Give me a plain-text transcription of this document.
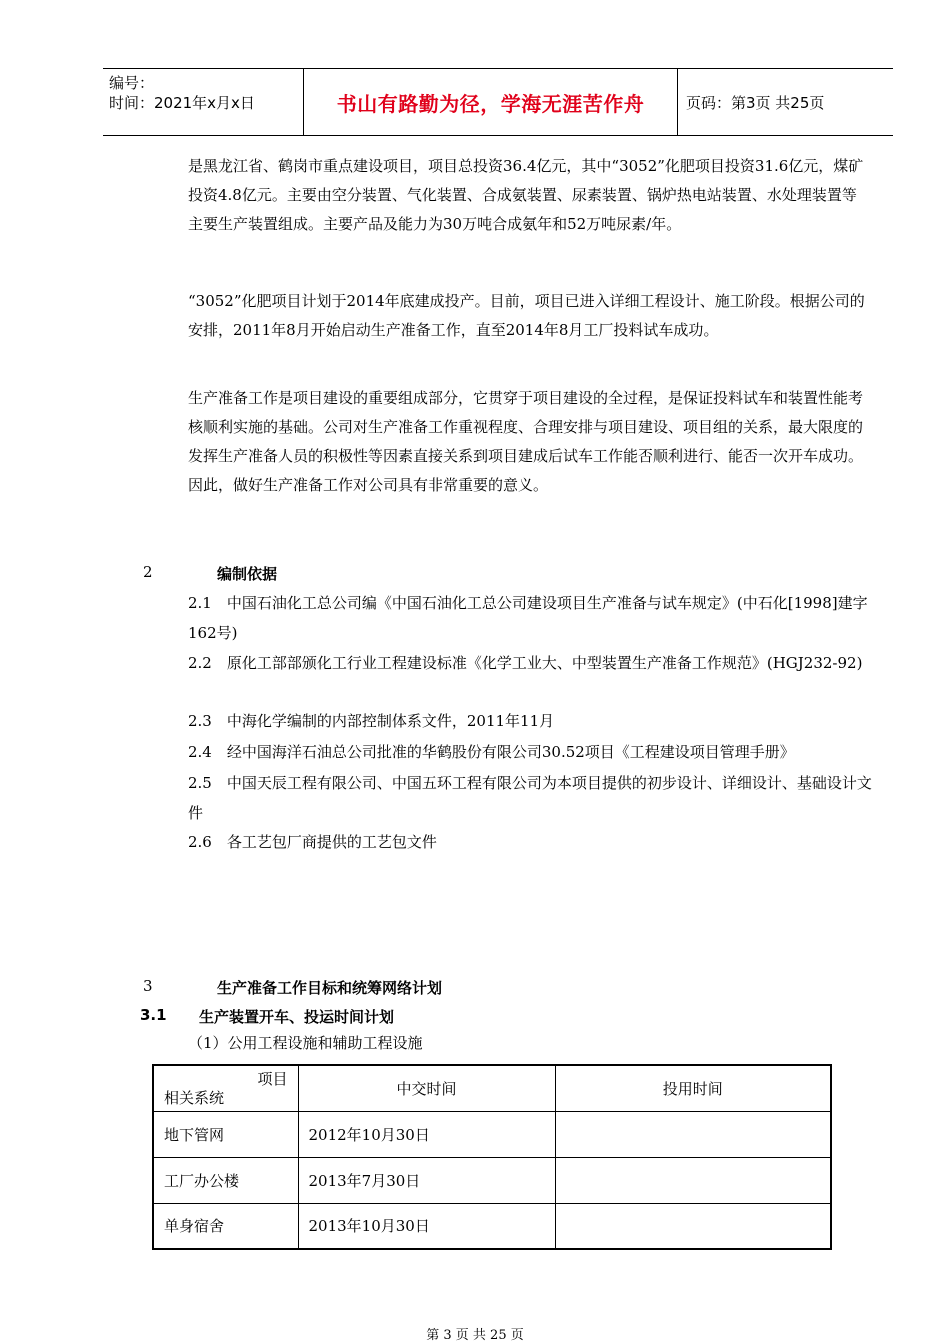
编号：
时间：2021年x月x日	书山有路勤为径，学海无涯苦作舟	页码：第3页 共25页

是黑龙江省、鹤岗市重点建设项目，项目总投资36.4亿元，其中“3052”化肥项目投资31.6亿元，煤矿投资4.8亿元。主要由空分装置、气化装置、合成氨装置、尿素装置、锅炉热电站装置、水处理装置等主要生产装置组成。主要产品及能力为30万吨合成氨年和52万吨尿素/年。

“3052”化肥项目计划于2014年底建成投产。目前，项目已进入详细工程设计、施工阶段。根据公司的安排，2011年8月开始启动生产准备工作，直至2014年8月工厂投料试车成功。

生产准备工作是项目建设的重要组成部分，它贯穿于项目建设的全过程，是保证投料试车和装置性能考核顺利实施的基础。公司对生产准备工作重视程度、合理安排与项目建设、项目组的关系，最大限度的发挥生产准备人员的积极性等因素直接关系到项目建成后试车工作能否顺利进行、能否一次开车成功。因此，做好生产准备工作对公司具有非常重要的意义。

2	编制依据

2.1　中国石油化工总公司编《中国石油化工总公司建设项目生产准备与试车规定》(中石化[1998]建字162号)

2.2　原化工部部颁化工行业工程建设标准《化学工业大、中型装置生产准备工作规范》(HGJ232-92)

2.3　中海化学编制的内部控制体系文件，2011年11月

2.4　经中国海洋石油总公司批准的华鹤股份有限公司30.52项目《工程建设项目管理手册》

2.5　中国天辰工程有限公司、中国五环工程有限公司为本项目提供的初步设计、详细设计、基础设计文件

2.6　各工艺包厂商提供的工艺包文件

3	生产准备工作目标和统筹网络计划
3.1 生产装置开车、投运时间计划
（1）公用工程设施和辅助工程设施
项目
相关系统	中交时间	投用时间
地下管网	2012年10月30日	
工厂办公楼	2013年7月30日	
单身宿舍	2013年10月30日	
第 3 页 共 25 页
